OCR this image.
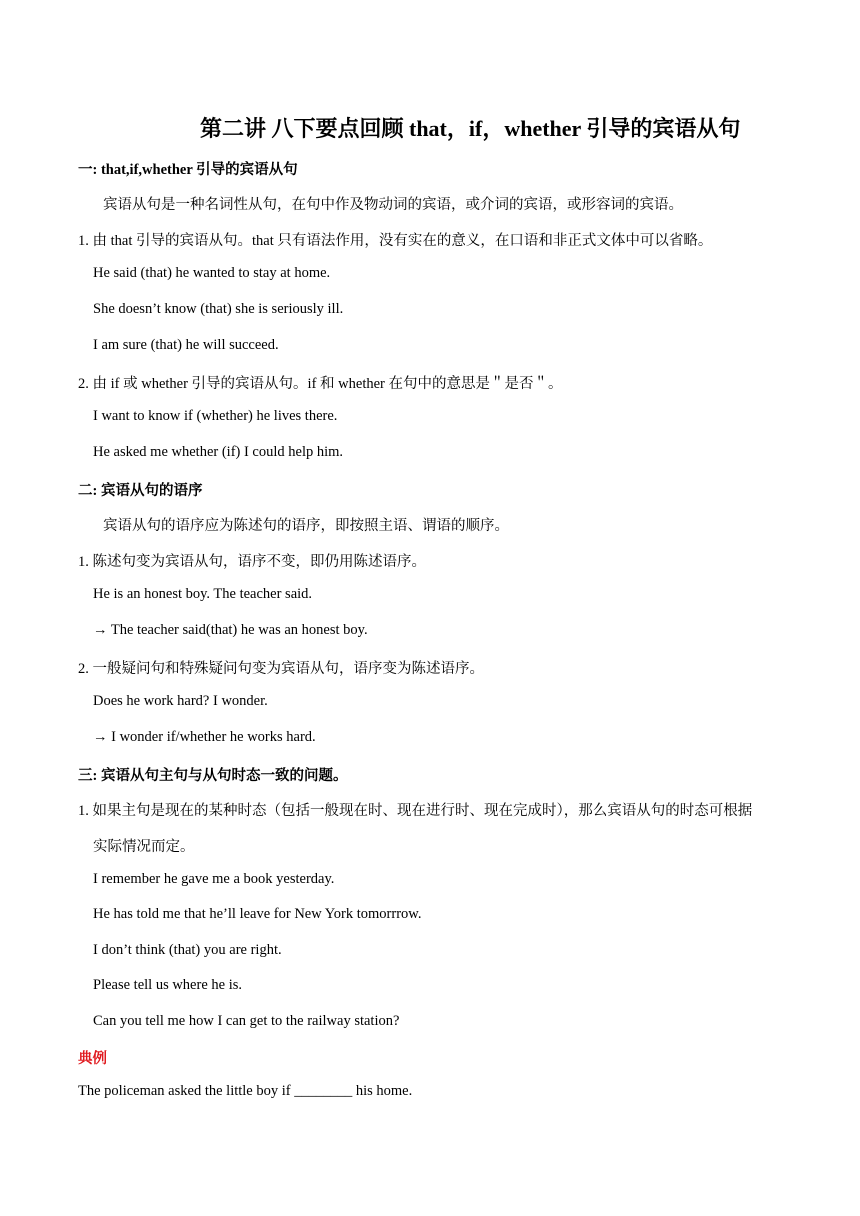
第二讲 八下要点回顾 that，if，whether 引导的宾语从句
一: that,if,whether 引导的宾语从句
宾语从句是一种名词性从句，在句中作及物动词的宾语，或介词的宾语，或形容词的宾语。
1. 由 that 引导的宾语从句。that 只有语法作用，没有实在的意义，在口语和非正式文体中可以省略。
He said (that) he wanted to stay at home.
She doesn’t know (that) she is seriously ill.
I am sure (that) he will succeed.
2. 由 if 或 whether 引导的宾语从句。if 和 whether 在句中的意思是＂是否＂。
I want to know if (whether) he lives there.
He asked me whether (if) I could help him.
二: 宾语从句的语序
宾语从句的语序应为陈述句的语序，即按照主语、谓语的顺序。
1. 陈述句变为宾语从句，语序不变，即仍用陈述语序。
He is an honest boy. The teacher said.
→ The teacher said(that) he was an honest boy.
2. 一般疑问句和特殊疑问句变为宾语从句，语序变为陈述语序。
Does he work hard? I wonder.
→ I wonder if/whether he works hard.
三: 宾语从句主句与从句时态一致的问题。
1. 如果主句是现在的某种时态（包括一般现在时、现在进行时、现在完成时），那么宾语从句的时态可根据
实际情况而定。
I remember he gave me a book yesterday.
He has told me that he’ll leave for New York tomorrrow.
I don’t think (that) you are right.
Please tell us where he is.
Can you tell me how I can get to the railway station?
典例
The policeman asked the little boy if ________ his home.
